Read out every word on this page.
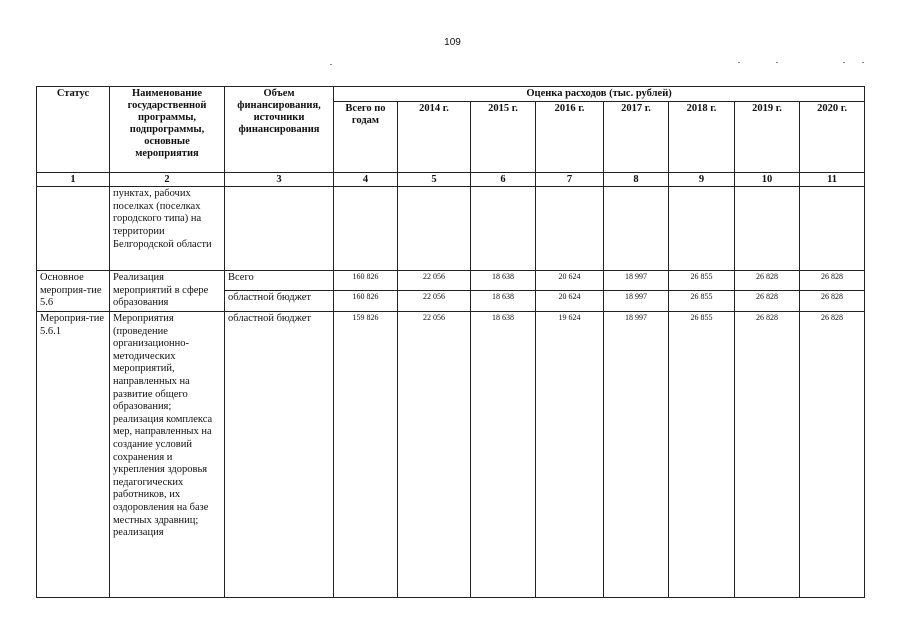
109
Статус	Наименование государственной программы, подпрограммы, основные мероприятия	Объем финансирования, источники финансирования	Оценка расходов (тыс. рублей)							
			Всего по годам	2014 г.	2015 г.	2016 г.	2017 г.	2018 г.	2019 г.	2020 г.
1	2	3	4	5	6	7	8	9	10	11
	пунктах, рабочих поселках (поселках городского типа) на территории Белгородской области									
Основное мероприя-тие 5.6	Реализация мероприятий в сфере образования	Всего	160 826	22 056	18 638	20 624	18 997	26 855	26 828	26 828
		областной бюджет	160 826	22 056	18 638	20 624	18 997	26 855	26 828	26 828
Мероприя-тие 5.6.1	Мероприятия (проведение организационно-методических мероприятий, направленных на развитие общего образования; реализация комплекса мер, направленных на создание условий сохранения и укрепления здоровья педагогических работников, их оздоровления на базе местных здравниц; реализация	областной бюджет	159 826	22 056	18 638	19 624	18 997	26 855	26 828	26 828
